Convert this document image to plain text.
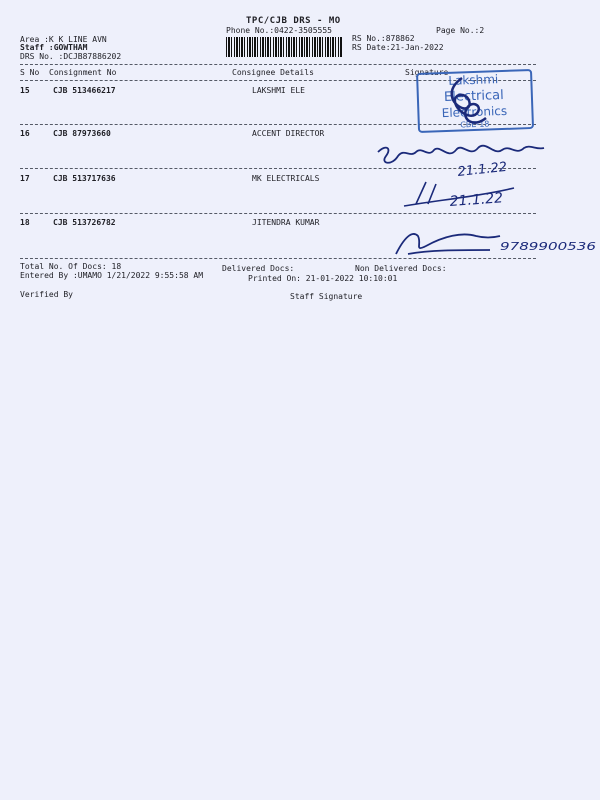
TPC/CJB DRS - MO
Phone No.:0422-3505555	Page No.:2
Area :K K LINE AVN
Staff :GOWTHAM
DRS No. :DCJB87886202
RS No.:878862
RS Date:21-Jan-2022
S No Consignment No	Consignee Details	Signature
15	CJB 513466217	LAKSHMI ELE
16	CJB 87973660	ACCENT DIRECTOR
17	CJB 513717636	MK ELECTRICALS
18	CJB 513726782	JITENDRA KUMAR
Total No. Of Docs: 18	Delivered Docs:	Non Delivered Docs:
Entered By :UMAMO 1/21/2022 9:55:58 AM	Printed On: 21-01-2022 10:10:01
Verified By	Staff Signature
Lakshmi
Electrical
Electronics
CBE-18
21.1.22
21.1.22
9789900536
